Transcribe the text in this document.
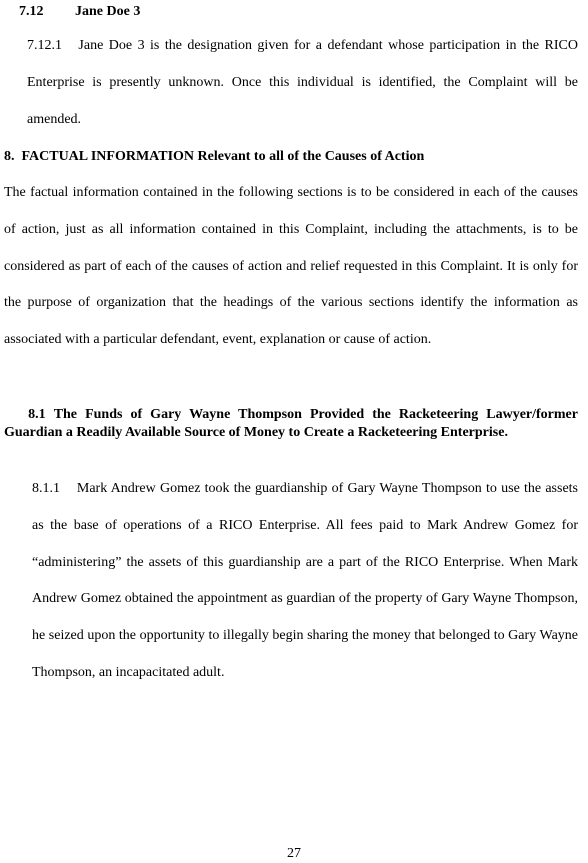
7.12 Jane Doe 3
7.12.1 Jane Doe 3 is the designation given for a defendant whose participation in the RICO Enterprise is presently unknown. Once this individual is identified, the Complaint will be amended.
8. FACTUAL INFORMATION Relevant to all of the Causes of Action
The factual information contained in the following sections is to be considered in each of the causes of action, just as all information contained in this Complaint, including the attachments, is to be considered as part of each of the causes of action and relief requested in this Complaint. It is only for the purpose of organization that the headings of the various sections identify the information as associated with a particular defendant, event, explanation or cause of action.
8.1 The Funds of Gary Wayne Thompson Provided the Racketeering Lawyer/former Guardian a Readily Available Source of Money to Create a Racketeering Enterprise.
8.1.1 Mark Andrew Gomez took the guardianship of Gary Wayne Thompson to use the assets as the base of operations of a RICO Enterprise. All fees paid to Mark Andrew Gomez for “administering” the assets of this guardianship are a part of the RICO Enterprise. When Mark Andrew Gomez obtained the appointment as guardian of the property of Gary Wayne Thompson, he seized upon the opportunity to illegally begin sharing the money that belonged to Gary Wayne Thompson, an incapacitated adult.
27
